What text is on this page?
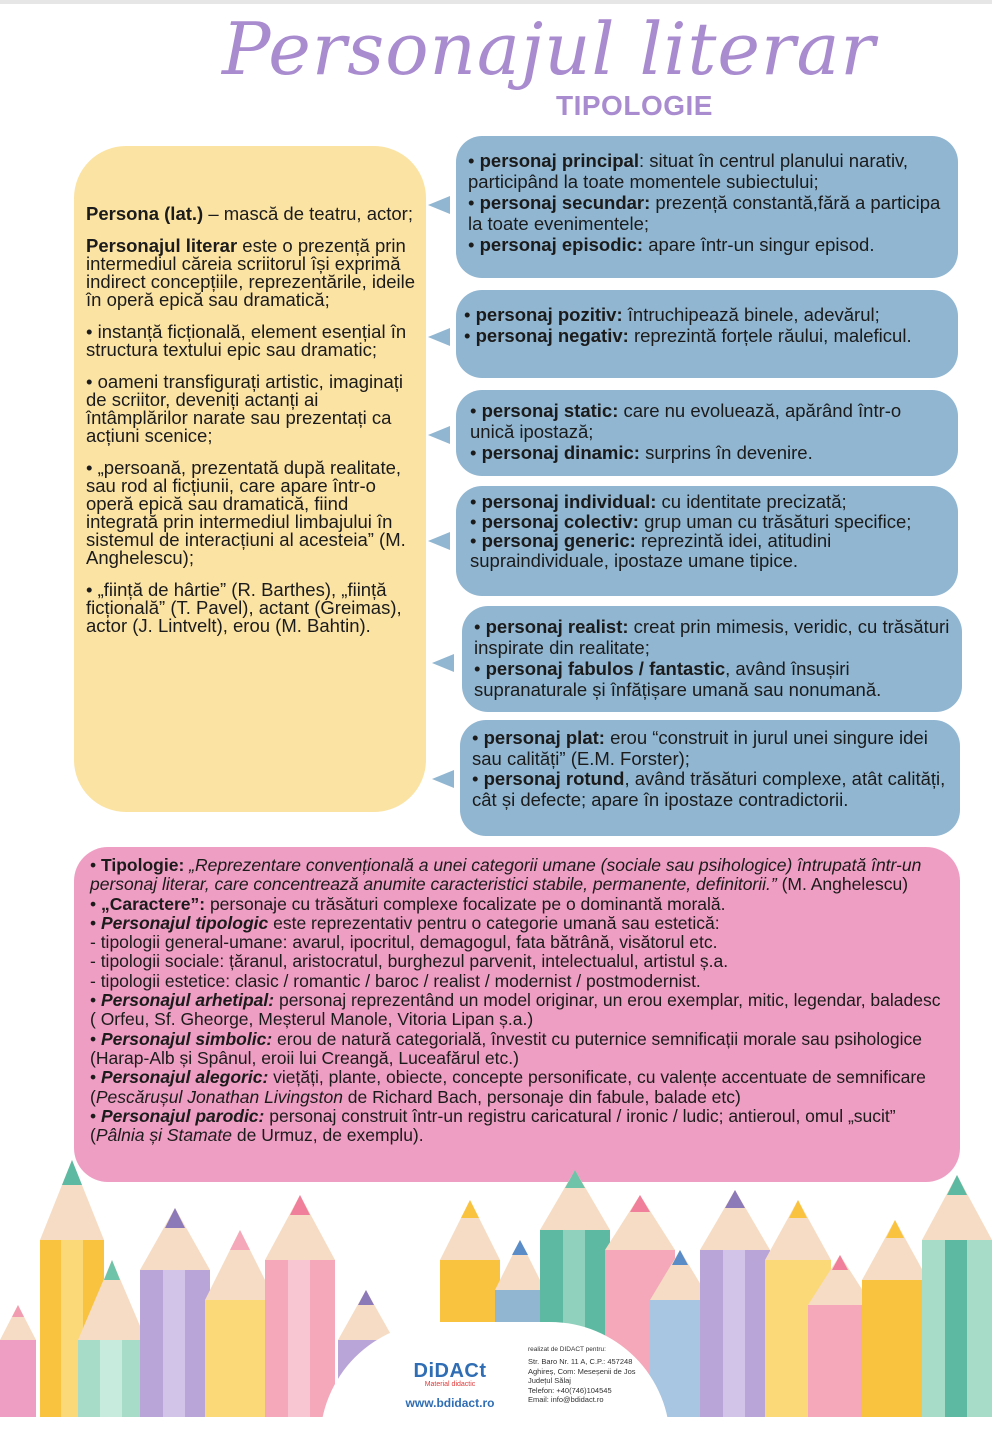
Personajul literar
TIPOLOGIE

Persona (lat.) – mască de teatru, actor;

Personajul literar este o prezență prin intermediul căreia scriitorul își exprimă indirect concepțiile, reprezentările, ideile în operă epică sau dramatică;

• instanță ficțională, element esențial în structura textului epic sau dramatic;

• oameni transfigurați artistic, imaginați de scriitor, deveniți actanți ai întâmplărilor narate sau prezentați ca acțiuni scenice;

• „persoană, prezentată după realitate, sau rod al ficțiunii, care apare într-o operă epică sau dramatică, fiind integrată prin intermediul limbajului în sistemul de interacțiuni al acesteia” (M. Anghelescu);

• „ființă de hârtie” (R. Barthes), „ființă ficțională” (T. Pavel), actant (Greimas), actor (J. Lintvelt), erou (M. Bahtin).

• personaj principal: situat în centrul planului narativ, participând la toate momentele subiectului;

• personaj secundar: prezență constantă,fără a participa la toate evenimentele;

• personaj episodic: apare într-un singur episod.

• personaj pozitiv: întruchipează binele, adevărul;

• personaj negativ: reprezintă forțele răului, maleficul.

• personaj static: care nu evoluează, apărând într-o unică ipostază;

• personaj dinamic: surprins în devenire.

• personaj individual: cu identitate precizată;

• personaj colectiv: grup uman cu trăsături specifice;

• personaj generic: reprezintă idei, atitudini supraindividuale, ipostaze umane tipice.

• personaj realist: creat prin mimesis, veridic, cu trăsături inspirate din realitate;

• personaj fabulos / fantastic, având însușiri supranaturale și înfățișare umană sau nonumană.

• personaj plat: erou “construit in jurul unei singure idei sau calități” (E.M. Forster);

• personaj rotund, având trăsături complexe, atât calități, cât și defecte; apare în ipostaze contradictorii.

• Tipologie: „Reprezentare convențională a unei categorii umane (sociale sau psihologice) întrupată într-un personaj literar, care concentrează anumite caracteristici stabile, permanente, definitorii.” (M. Anghelescu)

• „Caractere”: personaje cu trăsături complexe focalizate pe o dominantă morală.

• Personajul tipologic este reprezentativ pentru o categorie umană sau estetică:

- tipologii general-umane: avarul, ipocritul, demagogul, fata bătrână, visătorul etc.

- tipologii sociale: țăranul, aristocratul, burghezul parvenit, intelectualul, artistul ș.a.

- tipologii estetice: clasic / romantic / baroc / realist / modernist / postmodernist.

• Personajul arhetipal: personaj reprezentând un model originar, un erou exemplar, mitic, legendar, baladesc ( Orfeu, Sf. Gheorge, Meșterul Manole, Vitoria Lipan ș.a.)

• Personajul simbolic: erou de natură categorială, învestit cu puternice semnificații morale sau psihologice (Harap-Alb și Spânul, eroii lui Creangă, Luceafărul etc.)

• Personajul alegoric: viețăți, plante, obiecte, concepte personificate, cu valențe accentuate de semnificare (Pescărușul Jonathan Livingston de Richard Bach, personaje din fabule, balade etc)

• Personajul parodic: personaj construit într-un registru caricatural / ironic / ludic; antieroul, omul „sucit” (Pâlnia și Stamate de Urmuz, de exemplu).

realizat de DIDACT pentru:
DiDACt
Material didactic
www.bdidact.ro
Str. Baro Nr. 11 A, C.P.: 457248
Aghireș, Com: Meseșenii de Jos
Județul Sălaj
Telefon: +40(746)104545
Email: info@bdidact.ro
